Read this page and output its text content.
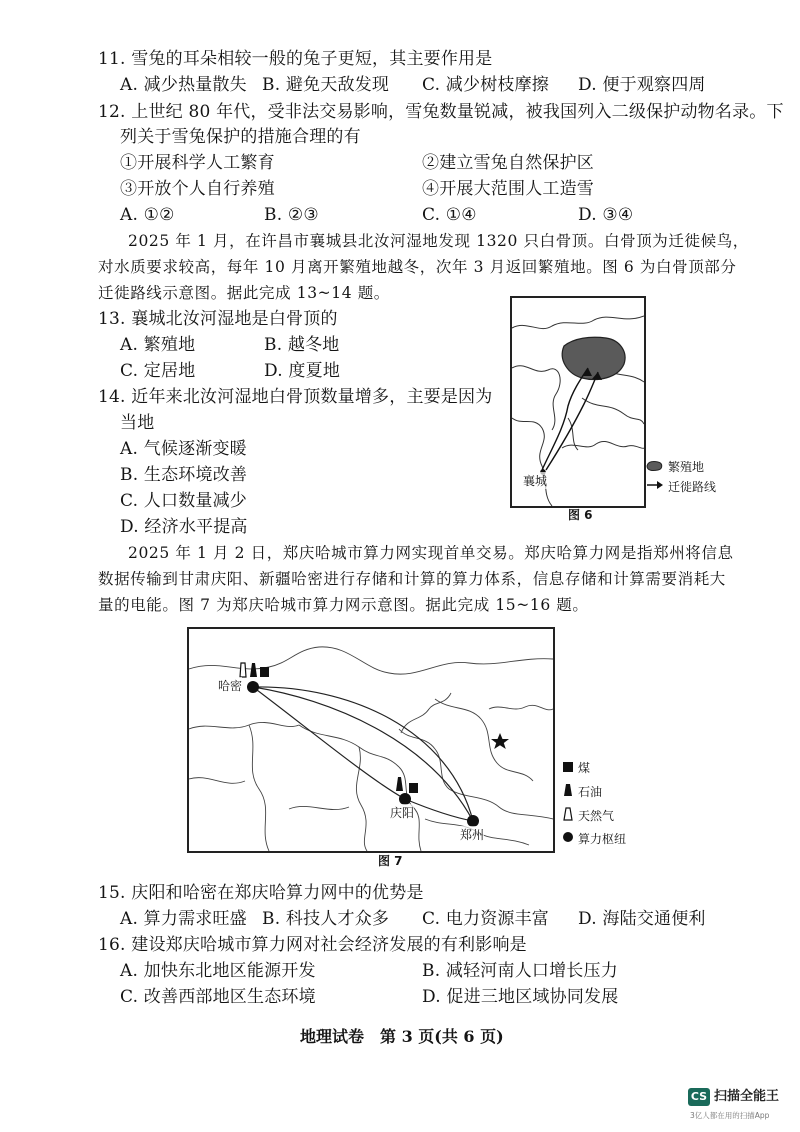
11. 雪兔的耳朵相较一般的兔子更短，其主要作用是
A. 减少热量散失 B. 避免天敌发现 C. 减少树枝摩擦 D. 便于观察四周
12. 上世纪 80 年代，受非法交易影响，雪兔数量锐减，被我国列入二级保护动物名录。下
列关于雪兔保护的措施合理的有
①开展科学人工繁育	②建立雪兔自然保护区
③开放个人自行养殖	④开展大范围人工造雪
A. ①②	B. ②③	C. ①④	D. ③④
2025 年 1 月，在许昌市襄城县北汝河湿地发现 1320 只白骨顶。白骨顶为迁徙候鸟，
对水质要求较高，每年 10 月离开繁殖地越冬，次年 3 月返回繁殖地。图 6 为白骨顶部分
迁徙路线示意图。据此完成 13~14 题。
13. 襄城北汝河湿地是白骨顶的
A. 繁殖地	B. 越冬地
C. 定居地	D. 度夏地
14. 近年来北汝河湿地白骨顶数量增多，主要是因为
当地
A. 气候逐渐变暖
B. 生态环境改善
C. 人口数量减少
D. 经济水平提高
襄城
繁殖地
迁徙路线
图 6
2025 年 1 月 2 日，郑庆哈城市算力网实现首单交易。郑庆哈算力网是指郑州将信息
数据传输到甘肃庆阳、新疆哈密进行存储和计算的算力体系，信息存储和计算需要消耗大
量的电能。图 7 为郑庆哈城市算力网示意图。据此完成 15~16 题。
哈密
庆阳
郑州
煤
石油
天然气
算力枢纽
图 7
15. 庆阳和哈密在郑庆哈算力网中的优势是
A. 算力需求旺盛 B. 科技人才众多 C. 电力资源丰富 D. 海陆交通便利
16. 建设郑庆哈城市算力网对社会经济发展的有利影响是
A. 加快东北地区能源开发	B. 减轻河南人口增长压力
C. 改善西部地区生态环境	D. 促进三地区域协同发展
地理试卷　第 3 页(共 6 页)
CS 扫描全能王
3亿人都在用的扫描App
